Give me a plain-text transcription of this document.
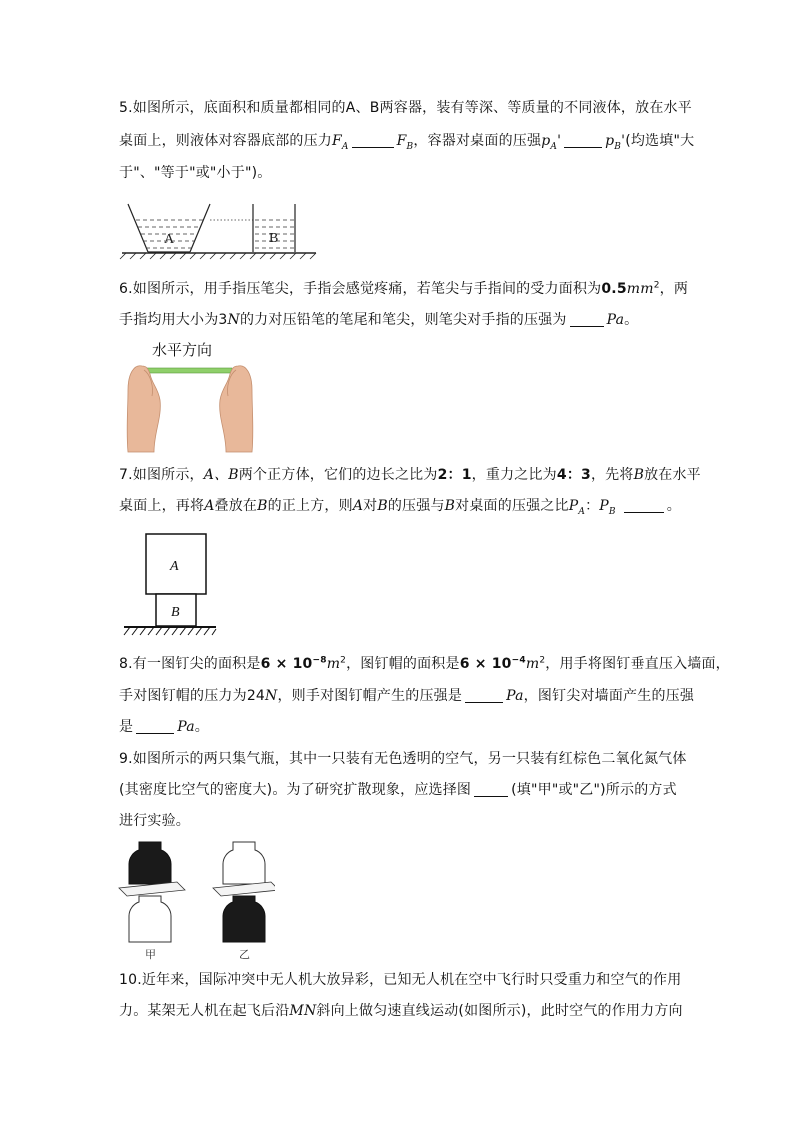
5.如图所示，底面积和质量都相同的A、B两容器，装有等深、等质量的不同液体，放在水平
桌面上，则液体对容器底部的压力$F_A$	$F_B$，容器对桌面的压强$p_A'$	$p_B'$(均选填"大
于"、"等于"或"小于")。
A	B
6.如图所示，用手指压笔尖，手指会感觉疼痛，若笔尖与手指间的受力面积为$0.5mm^2$，两
手指均用大小为3N的力对压铅笔的笔尾和笔尖，则笔尖对手指的压强为	Pa。
水平方向
7.如图所示，A、B两个正方体，它们的边长之比为2：1，重力之比为4：3，先将B放在水平
桌面上，再将A叠放在B的正上方，则A对B的压强与B对桌面的压强之比$P_A$：$P_B$	。
A
B
8.有一图钉尖的面积是$6 \times 10^{-8}m^2$，图钉帽的面积是$6 \times 10^{-4}m^2$，用手将图钉垂直压入墙面，
手对图钉帽的压力为24N，则手对图钉帽产生的压强是	Pa，图钉尖对墙面产生的压强
是	Pa。
9.如图所示的两只集气瓶，其中一只装有无色透明的空气，另一只装有红棕色二氧化氮气体
(其密度比空气的密度大)。为了研究扩散现象，应选择图	(填"甲"或"乙")所示的方式
进行实验。
甲	乙
10.近年来，国际冲突中无人机大放异彩，已知无人机在空中飞行时只受重力和空气的作用
力。某架无人机在起飞后沿MN斜向上做匀速直线运动(如图所示)，此时空气的作用力方向
